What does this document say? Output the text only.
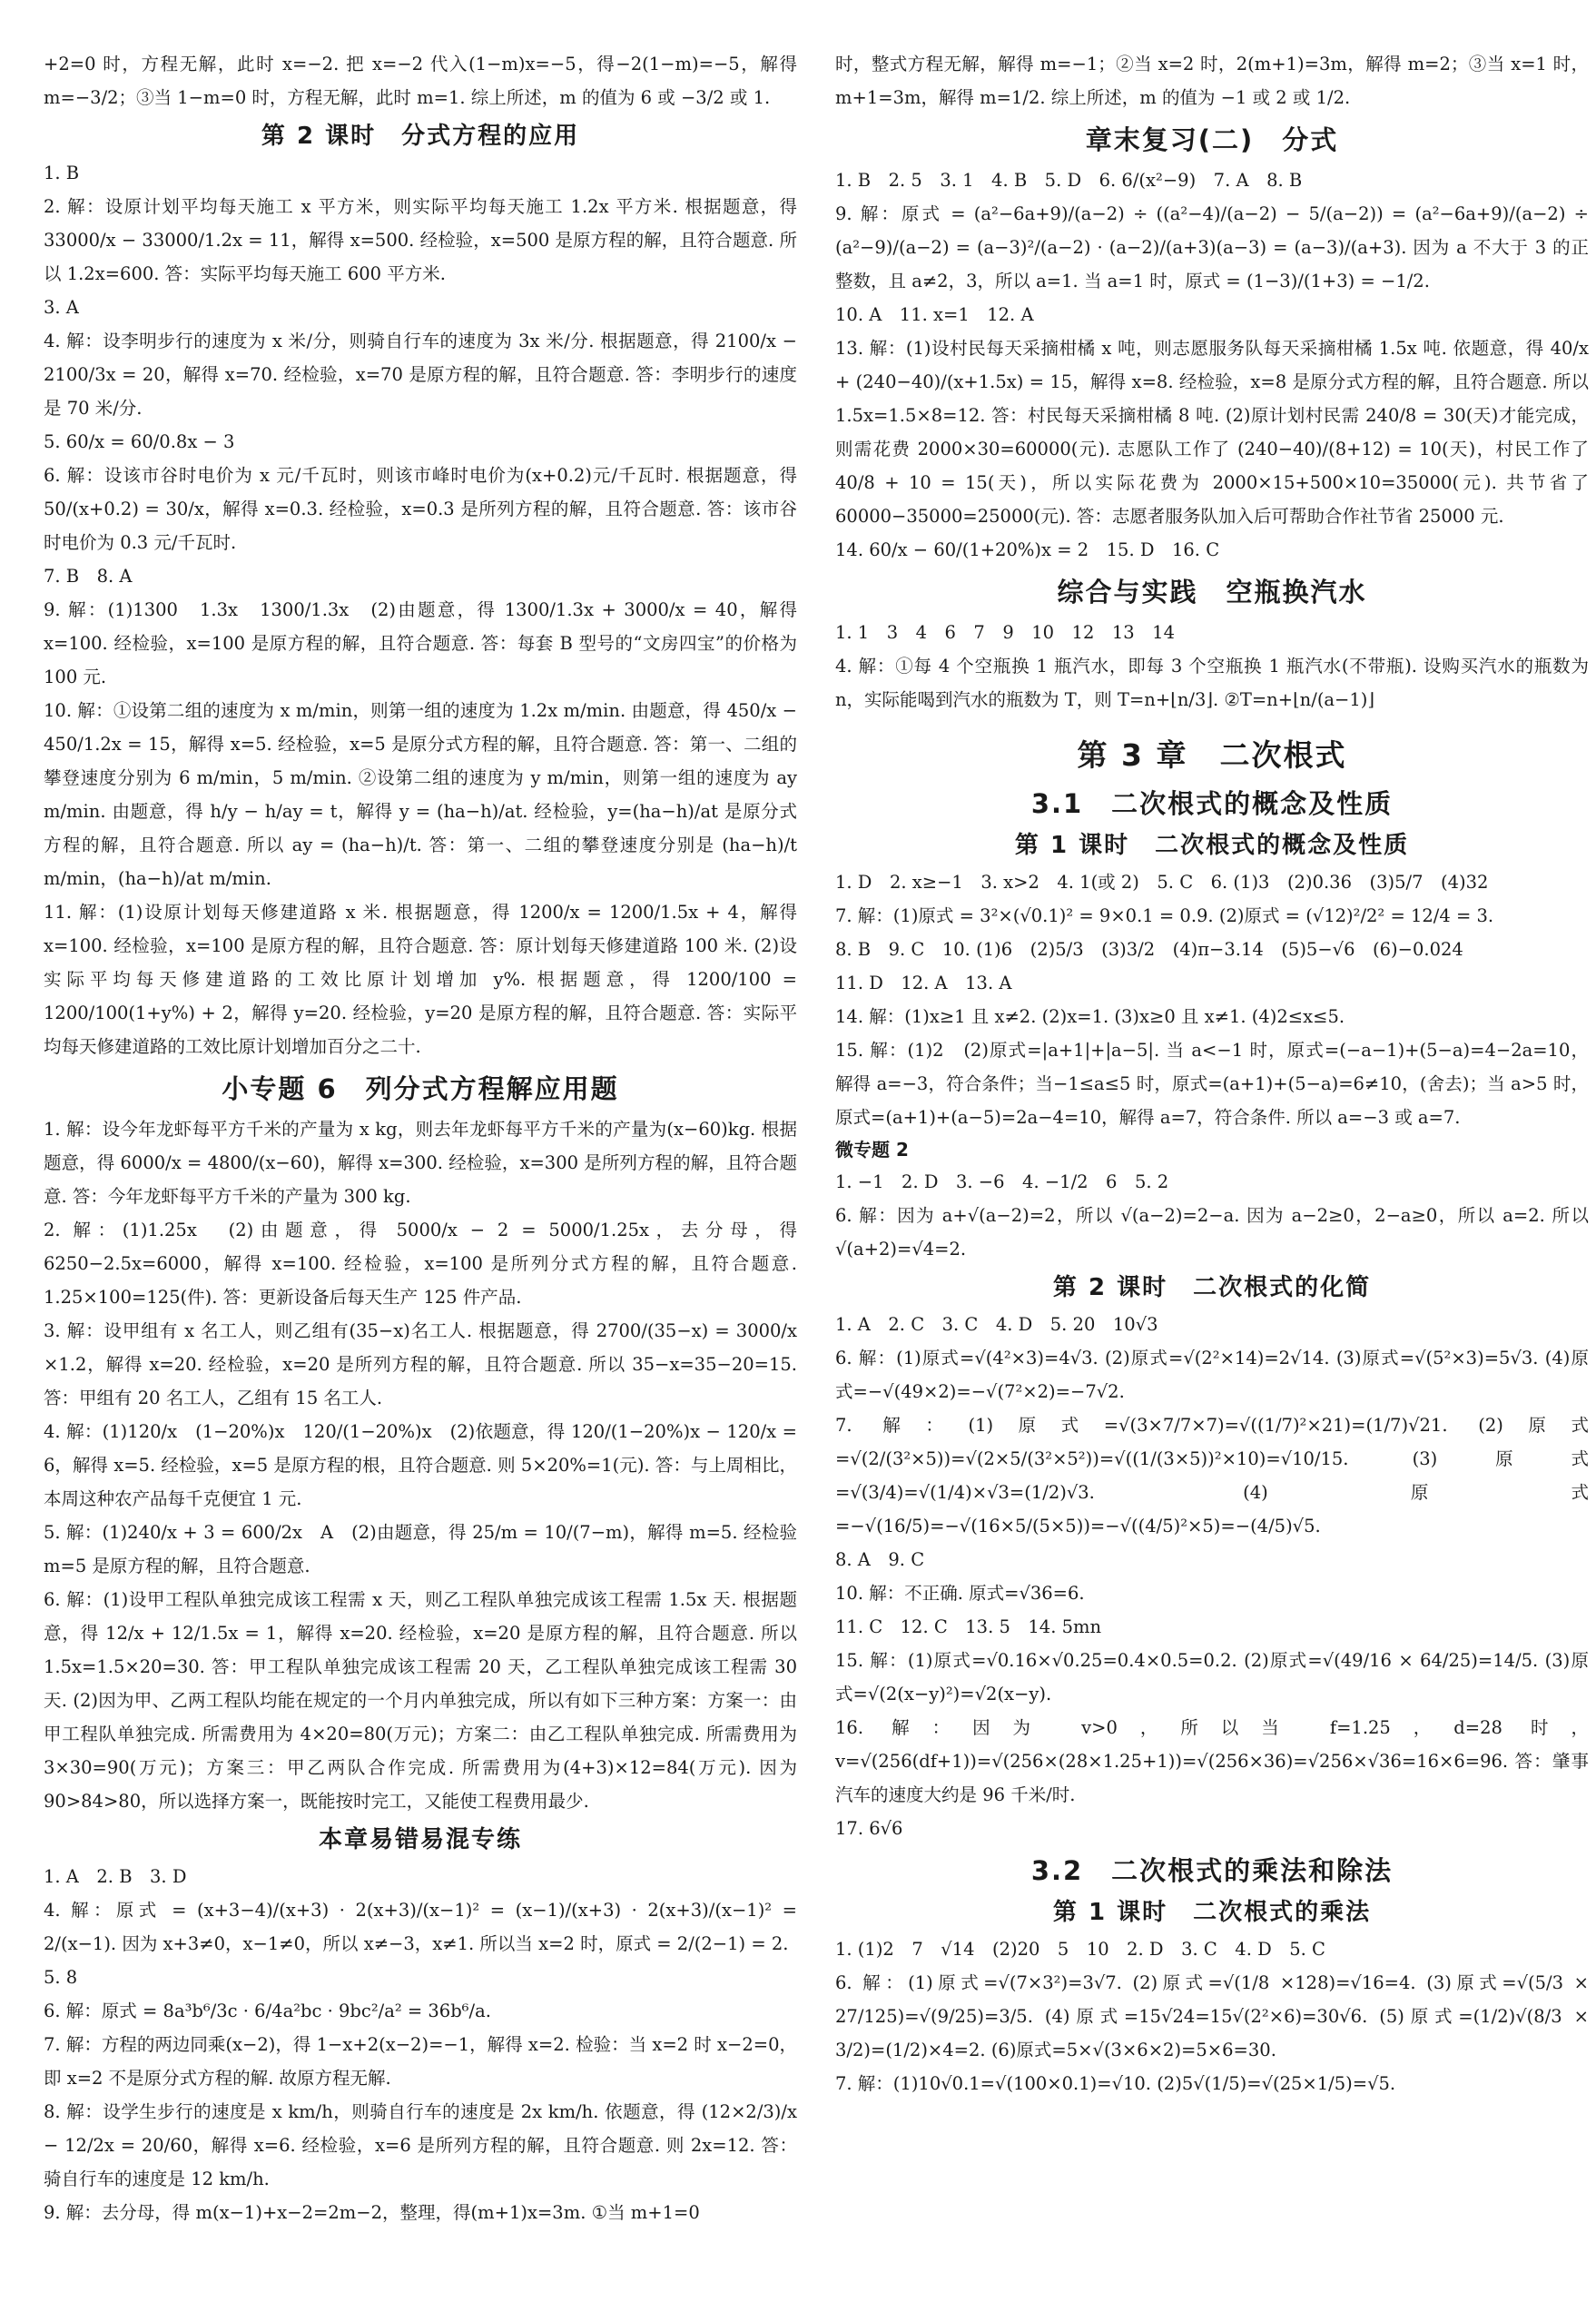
+2=0 时，方程无解，此时 x=−2. 把 x=−2 代入(1−m)x=−5，得−2(1−m)=−5，解得 m=−3/2；③当 1−m=0 时，方程无解，此时 m=1. 综上所述，m 的值为 6 或 −3/2 或 1.

第 2 课时　分式方程的应用

1. B

2. 解：设原计划平均每天施工 x 平方米，则实际平均每天施工 1.2x 平方米. 根据题意，得 33000/x − 33000/1.2x = 11，解得 x=500. 经检验，x=500 是原方程的解，且符合题意. 所以 1.2x=600. 答：实际平均每天施工 600 平方米.

3. A

4. 解：设李明步行的速度为 x 米/分，则骑自行车的速度为 3x 米/分. 根据题意，得 2100/x − 2100/3x = 20，解得 x=70. 经检验，x=70 是原方程的解，且符合题意. 答：李明步行的速度是 70 米/分.

5. 60/x = 60/0.8x − 3

6. 解：设该市谷时电价为 x 元/千瓦时，则该市峰时电价为(x+0.2)元/千瓦时. 根据题意，得 50/(x+0.2) = 30/x，解得 x=0.3. 经检验，x=0.3 是所列方程的解，且符合题意. 答：该市谷时电价为 0.3 元/千瓦时.

7. B　8. A

9. 解：(1)1300　1.3x　1300/1.3x　(2)由题意，得 1300/1.3x + 3000/x = 40，解得 x=100. 经检验，x=100 是原方程的解，且符合题意. 答：每套 B 型号的“文房四宝”的价格为 100 元.

10. 解：①设第二组的速度为 x m/min，则第一组的速度为 1.2x m/min. 由题意，得 450/x − 450/1.2x = 15，解得 x=5. 经检验，x=5 是原分式方程的解，且符合题意. 答：第一、二组的攀登速度分别为 6 m/min，5 m/min. ②设第二组的速度为 y m/min，则第一组的速度为 ay m/min. 由题意，得 h/y − h/ay = t，解得 y = (ha−h)/at. 经检验，y=(ha−h)/at 是原分式方程的解，且符合题意. 所以 ay = (ha−h)/t. 答：第一、二组的攀登速度分别是 (ha−h)/t m/min，(ha−h)/at m/min.

11. 解：(1)设原计划每天修建道路 x 米. 根据题意，得 1200/x = 1200/1.5x + 4，解得 x=100. 经检验，x=100 是原方程的解，且符合题意. 答：原计划每天修建道路 100 米. (2)设实际平均每天修建道路的工效比原计划增加 y%. 根据题意，得 1200/100 = 1200/100(1+y%) + 2，解得 y=20. 经检验，y=20 是原方程的解，且符合题意. 答：实际平均每天修建道路的工效比原计划增加百分之二十.

小专题 6　列分式方程解应用题

1. 解：设今年龙虾每平方千米的产量为 x kg，则去年龙虾每平方千米的产量为(x−60)kg. 根据题意，得 6000/x = 4800/(x−60)，解得 x=300. 经检验，x=300 是所列方程的解，且符合题意. 答：今年龙虾每平方千米的产量为 300 kg.

2. 解：(1)1.25x　(2)由题意，得 5000/x − 2 = 5000/1.25x，去分母，得 6250−2.5x=6000，解得 x=100. 经检验，x=100 是所列分式方程的解，且符合题意. 1.25×100=125(件). 答：更新设备后每天生产 125 件产品.

3. 解：设甲组有 x 名工人，则乙组有(35−x)名工人. 根据题意，得 2700/(35−x) = 3000/x ×1.2，解得 x=20. 经检验，x=20 是所列方程的解，且符合题意. 所以 35−x=35−20=15. 答：甲组有 20 名工人，乙组有 15 名工人.

4. 解：(1)120/x　(1−20%)x　120/(1−20%)x　(2)依题意，得 120/(1−20%)x − 120/x = 6，解得 x=5. 经检验，x=5 是原方程的根，且符合题意. 则 5×20%=1(元). 答：与上周相比，本周这种农产品每千克便宜 1 元.

5. 解：(1)240/x + 3 = 600/2x　A　(2)由题意，得 25/m = 10/(7−m)，解得 m=5. 经检验 m=5 是原方程的解，且符合题意.

6. 解：(1)设甲工程队单独完成该工程需 x 天，则乙工程队单独完成该工程需 1.5x 天. 根据题意，得 12/x + 12/1.5x = 1，解得 x=20. 经检验，x=20 是原方程的解，且符合题意. 所以 1.5x=1.5×20=30. 答：甲工程队单独完成该工程需 20 天，乙工程队单独完成该工程需 30 天. (2)因为甲、乙两工程队均能在规定的一个月内单独完成，所以有如下三种方案：方案一：由甲工程队单独完成. 所需费用为 4×20=80(万元)；方案二：由乙工程队单独完成. 所需费用为 3×30=90(万元)；方案三：甲乙两队合作完成. 所需费用为(4+3)×12=84(万元). 因为 90>84>80，所以选择方案一，既能按时完工，又能使工程费用最少.

本章易错易混专练

1. A　2. B　3. D

4. 解：原式 = (x+3−4)/(x+3) · 2(x+3)/(x−1)² = (x−1)/(x+3) · 2(x+3)/(x−1)² = 2/(x−1). 因为 x+3≠0，x−1≠0，所以 x≠−3，x≠1. 所以当 x=2 时，原式 = 2/(2−1) = 2.

5. 8

6. 解：原式 = 8a³b⁶/3c · 6/4a²bc · 9bc²/a² = 36b⁶/a.

7. 解：方程的两边同乘(x−2)，得 1−x+2(x−2)=−1，解得 x=2. 检验：当 x=2 时 x−2=0，即 x=2 不是原分式方程的解. 故原方程无解.

8. 解：设学生步行的速度是 x km/h，则骑自行车的速度是 2x km/h. 依题意，得 (12×2/3)/x − 12/2x = 20/60，解得 x=6. 经检验，x=6 是所列方程的解，且符合题意. 则 2x=12. 答：骑自行车的速度是 12 km/h.

9. 解：去分母，得 m(x−1)+x−2=2m−2，整理，得(m+1)x=3m. ①当 m+1=0

时，整式方程无解，解得 m=−1；②当 x=2 时，2(m+1)=3m，解得 m=2；③当 x=1 时，m+1=3m，解得 m=1/2. 综上所述，m 的值为 −1 或 2 或 1/2.

章末复习(二)　分式

1. B　2. 5　3. 1　4. B　5. D　6. 6/(x²−9)　7. A　8. B

9. 解：原式 = (a²−6a+9)/(a−2) ÷ ((a²−4)/(a−2) − 5/(a−2)) = (a²−6a+9)/(a−2) ÷ (a²−9)/(a−2) = (a−3)²/(a−2) · (a−2)/(a+3)(a−3) = (a−3)/(a+3). 因为 a 不大于 3 的正整数，且 a≠2，3，所以 a=1. 当 a=1 时，原式 = (1−3)/(1+3) = −1/2.

10. A　11. x=1　12. A

13. 解：(1)设村民每天采摘柑橘 x 吨，则志愿服务队每天采摘柑橘 1.5x 吨. 依题意，得 40/x + (240−40)/(x+1.5x) = 15，解得 x=8. 经检验，x=8 是原分式方程的解，且符合题意. 所以 1.5x=1.5×8=12. 答：村民每天采摘柑橘 8 吨. (2)原计划村民需 240/8 = 30(天)才能完成，则需花费 2000×30=60000(元). 志愿队工作了 (240−40)/(8+12) = 10(天)，村民工作了 40/8 + 10 = 15(天)，所以实际花费为 2000×15+500×10=35000(元). 共节省了 60000−35000=25000(元). 答：志愿者服务队加入后可帮助合作社节省 25000 元.

14. 60/x − 60/(1+20%)x = 2　15. D　16. C

综合与实践　空瓶换汽水

1. 1　3　4　6　7　9　10　12　13　14

4. 解：①每 4 个空瓶换 1 瓶汽水，即每 3 个空瓶换 1 瓶汽水(不带瓶). 设购买汽水的瓶数为 n，实际能喝到汽水的瓶数为 T，则 T=n+⌊n/3⌋. ②T=n+⌊n/(a−1)⌋

第 3 章　二次根式
3.1　二次根式的概念及性质
第 1 课时　二次根式的概念及性质

1. D　2. x≥−1　3. x>2　4. 1(或 2)　5. C　6. (1)3　(2)0.36　(3)5/7　(4)32

7. 解：(1)原式 = 3²×(√0.1)² = 9×0.1 = 0.9. (2)原式 = (√12)²/2² = 12/4 = 3.

8. B　9. C　10. (1)6　(2)5/3　(3)3/2　(4)π−3.14　(5)5−√6　(6)−0.024

11. D　12. A　13. A

14. 解：(1)x≥1 且 x≠2. (2)x=1. (3)x≥0 且 x≠1. (4)2≤x≤5.

15. 解：(1)2　(2)原式=|a+1|+|a−5|. 当 a<−1 时，原式=(−a−1)+(5−a)=4−2a=10，解得 a=−3，符合条件；当−1≤a≤5 时，原式=(a+1)+(5−a)=6≠10，(舍去)；当 a>5 时，原式=(a+1)+(a−5)=2a−4=10，解得 a=7，符合条件. 所以 a=−3 或 a=7.

微专题 2

1. −1　2. D　3. −6　4. −1/2　6　5. 2

6. 解：因为 a+√(a−2)=2，所以 √(a−2)=2−a. 因为 a−2≥0，2−a≥0，所以 a=2. 所以 √(a+2)=√4=2.

第 2 课时　二次根式的化简

1. A　2. C　3. C　4. D　5. 20　10√3

6. 解：(1)原式=√(4²×3)=4√3. (2)原式=√(2²×14)=2√14. (3)原式=√(5²×3)=5√3. (4)原式=−√(49×2)=−√(7²×2)=−7√2.

7. 解：(1)原式=√(3×7/7×7)=√((1/7)²×21)=(1/7)√21. (2)原式=√(2/(3²×5))=√(2×5/(3²×5²))=√((1/(3×5))²×10)=√10/15. (3)原式=√(3/4)=√(1/4)×√3=(1/2)√3. (4)原式=−√(16/5)=−√(16×5/(5×5))=−√((4/5)²×5)=−(4/5)√5.

8. A　9. C

10. 解：不正确. 原式=√36=6.

11. C　12. C　13. 5　14. 5mn

15. 解：(1)原式=√0.16×√0.25=0.4×0.5=0.2. (2)原式=√(49/16 × 64/25)=14/5. (3)原式=√(2(x−y)²)=√2(x−y).

16. 解：因为 v>0，所以当 f=1.25，d=28 时，v=√(256(df+1))=√(256×(28×1.25+1))=√(256×36)=√256×√36=16×6=96. 答：肇事汽车的速度大约是 96 千米/时.

17. 6√6

3.2　二次根式的乘法和除法
第 1 课时　二次根式的乘法

1. (1)2　7　√14　(2)20　5　10　2. D　3. C　4. D　5. C

6. 解：(1)原式=√(7×3²)=3√7. (2)原式=√(1/8 ×128)=√16=4. (3)原式=√(5/3 × 27/125)=√(9/25)=3/5. (4)原式=15√24=15√(2²×6)=30√6. (5)原式=(1/2)√(8/3 × 3/2)=(1/2)×4=2. (6)原式=5×√(3×6×2)=5×6=30.

7. 解：(1)10√0.1=√(100×0.1)=√10. (2)5√(1/5)=√(25×1/5)=√5.
